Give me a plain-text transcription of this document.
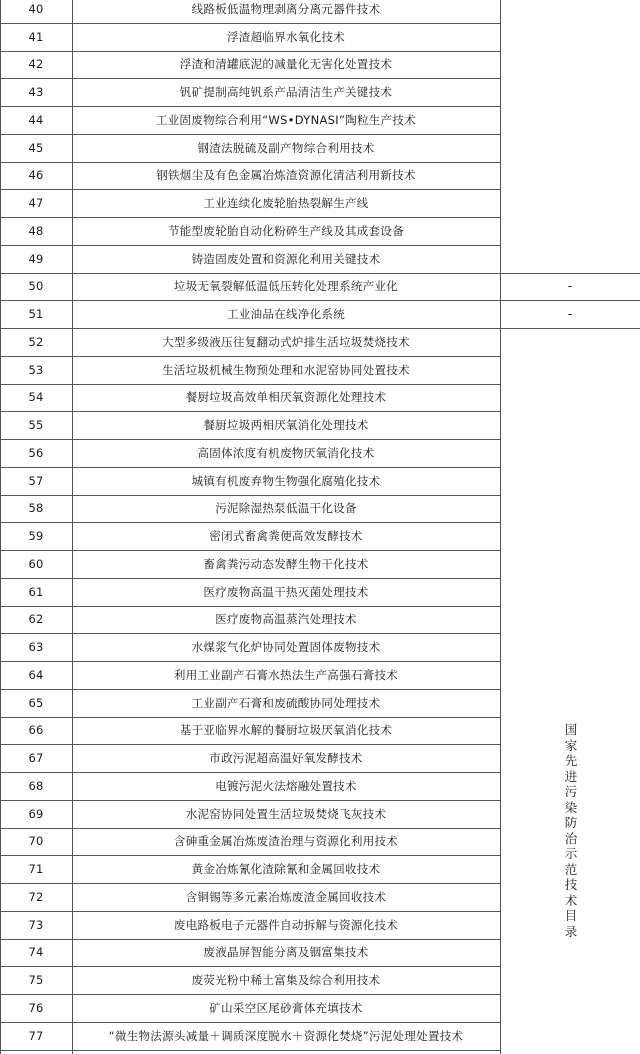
40	线路板低温物理剥离分离元器件技术
41	浮渣超临界水氧化技术
42	浮渣和清罐底泥的减量化无害化处置技术
43	钒矿提制高纯钒系产品清洁生产关键技术
44	工业固废物综合利用“WS•DYNASI”陶粒生产技术
45	钢渣法脱硫及副产物综合利用技术
46	钢铁烟尘及有色金属冶炼渣资源化清洁利用新技术
47	工业连续化废轮胎热裂解生产线
48	节能型废轮胎自动化粉碎生产线及其成套设备
49	铸造固废处置和资源化利用关键技术
50	垃圾无氧裂解低温低压转化处理系统产业化	-
51	工业油品在线净化系统	-
52	大型多级液压往复翻动式炉排生活垃圾焚烧技术
53	生活垃圾机械生物预处理和水泥窑协同处置技术
54	餐厨垃圾高效单相厌氧资源化处理技术
55	餐厨垃圾两相厌氧消化处理技术
56	高固体浓度有机废物厌氧消化技术
57	城镇有机废弃物生物强化腐殖化技术
58	污泥除湿热泵低温干化设备
59	密闭式畜禽粪便高效发酵技术
60	畜禽粪污动态发酵生物干化技术
61	医疗废物高温干热灭菌处理技术
62	医疗废物高温蒸汽处理技术
63	水煤浆气化炉协同处置固体废物技术
64	利用工业副产石膏水热法生产高强石膏技术
65	工业副产石膏和废硫酸协同处理技术
66	基于亚临界水解的餐厨垃圾厌氧消化技术
67	市政污泥超高温好氧发酵技术
68	电镀污泥火法熔融处置技术
69	水泥窑协同处置生活垃圾焚烧飞灰技术
70	含砷重金属冶炼废渣治理与资源化利用技术
71	黄金冶炼氰化渣除氰和金属回收技术
72	含铜锡等多元素冶炼废渣金属回收技术
73	废电路板电子元器件自动拆解与资源化技术
74	废液晶屏智能分离及铟富集技术
75	废荧光粉中稀土富集及综合利用技术
76	矿山采空区尾砂膏体充填技术
77	“微生物法源头减量＋调质深度脱水＋资源化焚烧”污泥处理处置技术
国家先进污染防治示范技术目录
